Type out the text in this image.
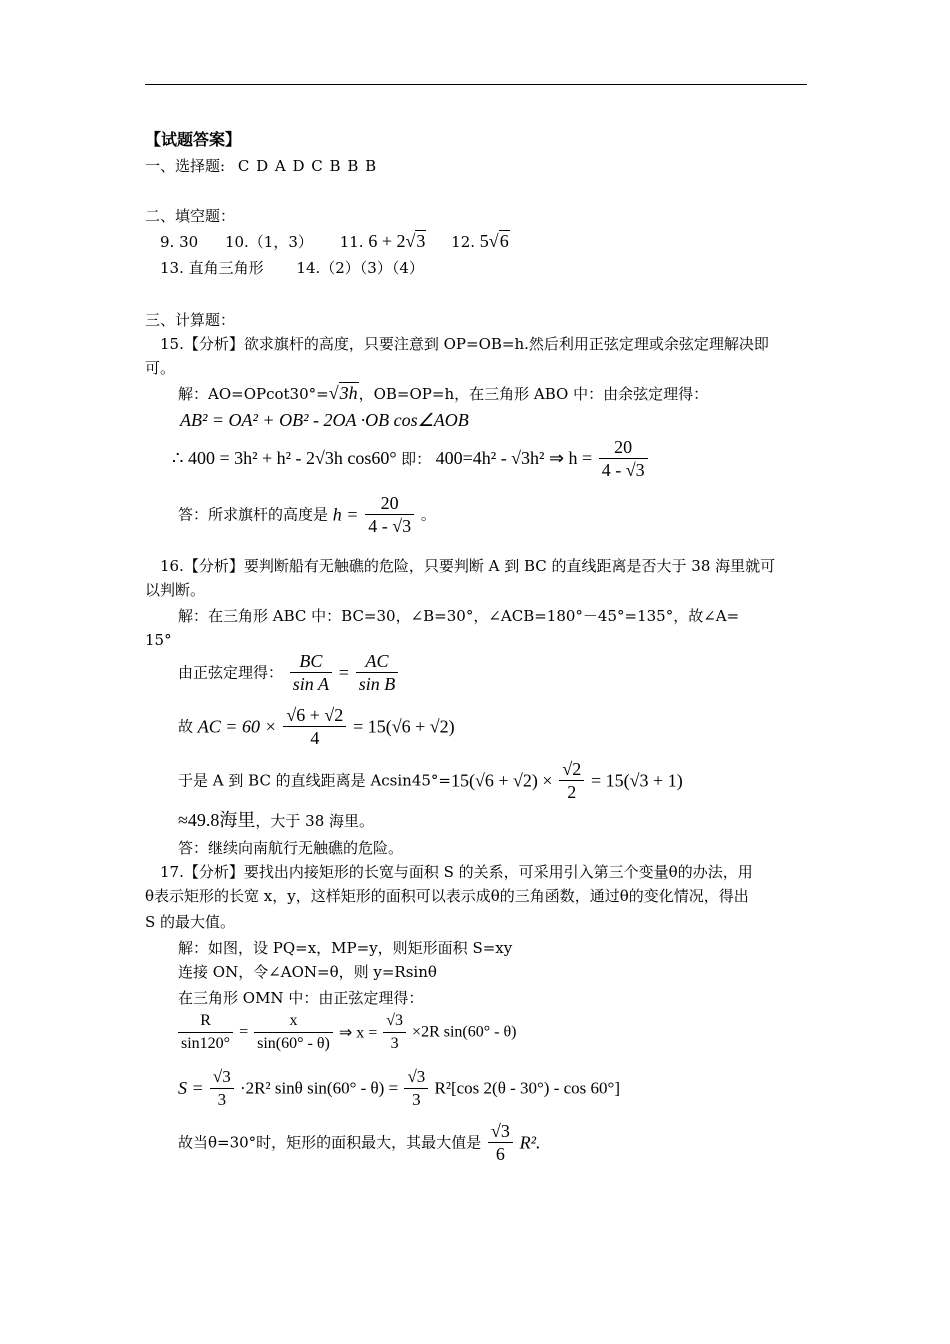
【试题答案】
一、选择题: C D A D C B B B
二、填空题：
9. 30 10.（1，3） 11. 6 + 2√3 12. 5√6
13. 直角三角形 14.（2）（3）（4）
三、计算题：
15.【分析】欲求旗杆的高度，只要注意到 OP=OB=h.然后利用正弦定理或余弦定理解决即
可。
解：AO=OPcot30°=√3h，OB=OP=h，在三角形 ABO 中：由余弦定理得：
AB² = OA² + OB² - 2OA ·OB cos∠AOB
∴ 400 = 3h² + h² - 2√3h cos60° 即： 400=4h² - √3h² ⇒ $h = \frac{20}{4 - √3}$
答：所求旗杆的高度是 $h = \frac{20}{4 - √3}$ 。
16.【分析】要判断船有无触礁的危险，只要判断 A 到 BC 的直线距离是否大于 38 海里就可
以判断。
解：在三角形 ABC 中：BC=30，∠B=30°，∠ACB=180°－45°=135°，故∠A=
15°
由正弦定理得： $\frac{BC}{\text{sin A}} = \frac{AC}{\text{sin B}}$
故 AC = $60 \times \frac{√6 + √2}{4} = 15(√6 + √2)$
于是 A 到 BC 的直线距离是 $Acsin45^\circ=15(√6 + √2) \times \frac{√2}{2} = 15(√3 + 1)$
≈49.8海里，大于 38 海里。
答：继续向南航行无触礁的危险。
17.【分析】要找出内接矩形的长宽与面积 S 的关系，可采用引入第三个变量θ的办法，用
θ表示矩形的长宽 x，y，这样矩形的面积可以表示成θ的三角函数，通过θ的变化情况，得出
S 的最大值。
解：如图，设 PQ=x，MP=y，则矩形面积 S=xy
连接 ON，令∠AON=θ，则 y=Rsinθ
在三角形 OMN 中：由正弦定理得：
$\frac{R}{\sin 120^\circ} = \frac{x}{\sin(60^\circ - \theta)}$ ⇒ $x = \frac{√3}{3} \times 2R$ sin(60° - θ)
$S = \frac{√3}{3} \cdot 2R^2$ sinθ $\sin(60^\circ - \theta) = \frac{√3}{3} R^2[\cos$ 2(θ - 30°) - cos 60°]
故当θ=30°时，矩形的面积最大，其最大值是 $\frac{√3}{6} R^2$.
